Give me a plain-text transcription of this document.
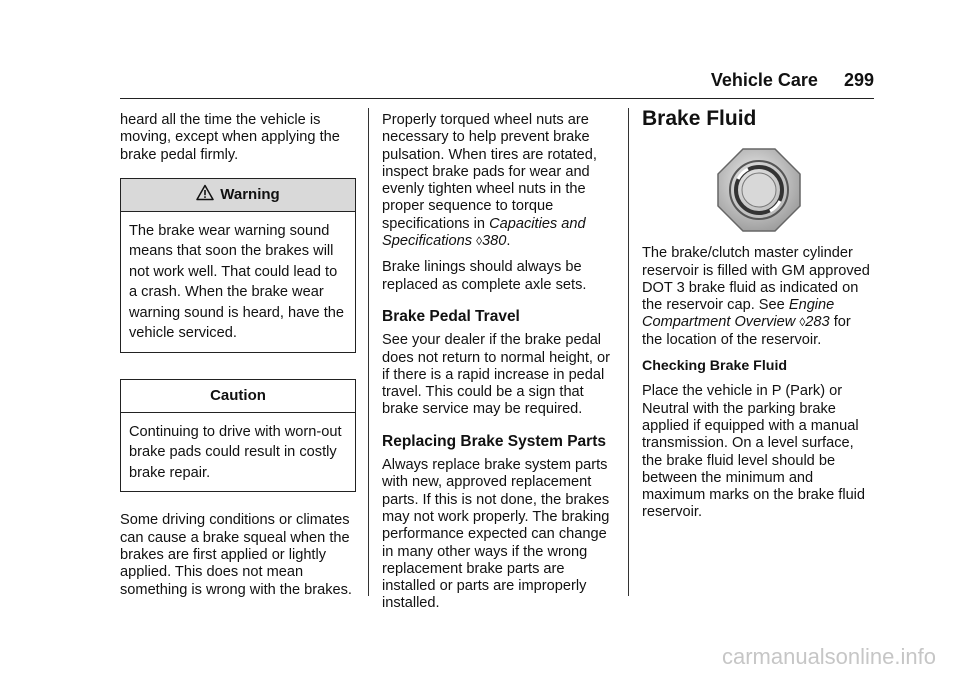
Vehicle Care 299

heard all the time the vehicle is moving, except when applying the brake pedal firmly.

Warning
The brake wear warning sound means that soon the brakes will not work well. That could lead to a crash. When the brake wear warning sound is heard, have the vehicle serviced.
Caution
Continuing to drive with worn-out brake pads could result in costly brake repair.

Some driving conditions or climates can cause a brake squeal when the brakes are first applied or lightly applied. This does not mean something is wrong with the brakes.

Properly torqued wheel nuts are necessary to help prevent brake pulsation. When tires are rotated, inspect brake pads for wear and evenly tighten wheel nuts in the proper sequence to torque specifications in Capacities and Specifications ◊380.

Brake linings should always be replaced as complete axle sets.

Brake Pedal Travel

See your dealer if the brake pedal does not return to normal height, or if there is a rapid increase in pedal travel. This could be a sign that brake service may be required.

Replacing Brake System Parts

Always replace brake system parts with new, approved replacement parts. If this is not done, the brakes may not work properly. The braking performance expected can change in many other ways if the wrong replacement brake parts are installed or parts are improperly installed.

Brake Fluid

The brake/clutch master cylinder reservoir is filled with GM approved DOT 3 brake fluid as indicated on the reservoir cap. See Engine Compartment Overview ◊283 for the location of the reservoir.

Checking Brake Fluid

Place the vehicle in P (Park) or Neutral with the parking brake applied if equipped with a manual transmission. On a level surface, the brake fluid level should be between the minimum and maximum marks on the brake fluid reservoir.

carmanualsonline.info
